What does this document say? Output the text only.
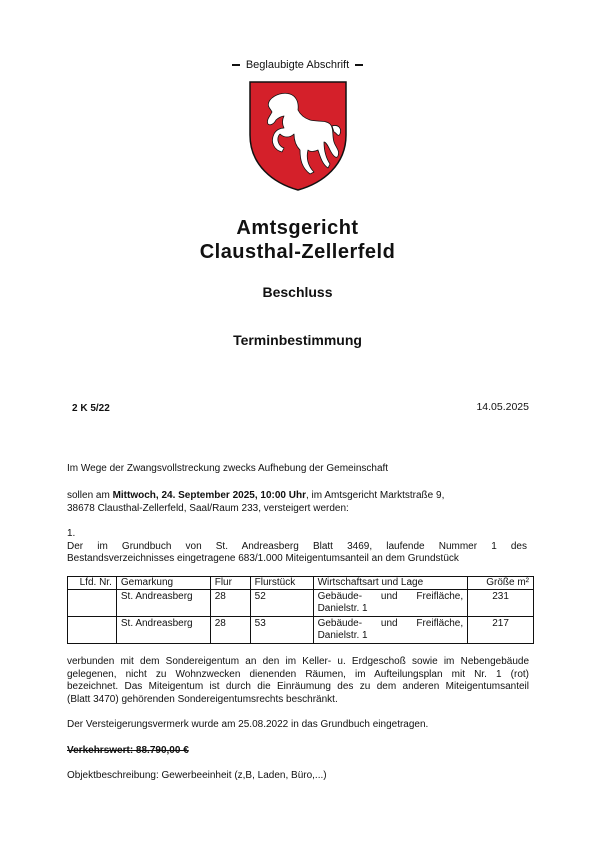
Beglaubigte Abschrift
Amtsgericht
Clausthal-Zellerfeld
Beschluss
Terminbestimmung
2 K 5/22	14.05.2025
Im Wege der Zwangsvollstreckung zwecks Aufhebung der Gemeinschaft
sollen am Mittwoch, 24. September 2025, 10:00 Uhr, im Amtsgericht Marktstraße 9,
38678 Clausthal-Zellerfeld, Saal/Raum 233, versteigert werden:
1.
Der im Grundbuch von St. Andreasberg Blatt 3469, laufende Nummer 1 des
Bestandsverzeichnisses eingetragene 683/1.000 Miteigentumsanteil an dem Grundstück
Lfd. Nr.	Gemarkung	Flur	Flurstück	Wirtschaftsart und Lage	Größe m²
	St. Andreasberg	28	52	Gebäude- und Freifläche,
Danielstr. 1	231
	St. Andreasberg	28	53	Gebäude- und Freifläche,
Danielstr. 1	217
verbunden mit dem Sondereigentum an den im Keller- u. Erdgeschoß sowie im Nebengebäude
gelegenen, nicht zu Wohnzwecken dienenden Räumen, im Aufteilungsplan mit Nr. 1 (rot)
bezeichnet. Das Miteigentum ist durch die Einräumung des zu dem anderen Miteigentumsanteil
(Blatt 3470) gehörenden Sondereigentumsrechts beschränkt.
Der Versteigerungsvermerk wurde am 25.08.2022 in das Grundbuch eingetragen.
Verkehrswert: 88.790,00 €
Objektbeschreibung: Gewerbeeinheit (z,B, Laden, Büro,...)
